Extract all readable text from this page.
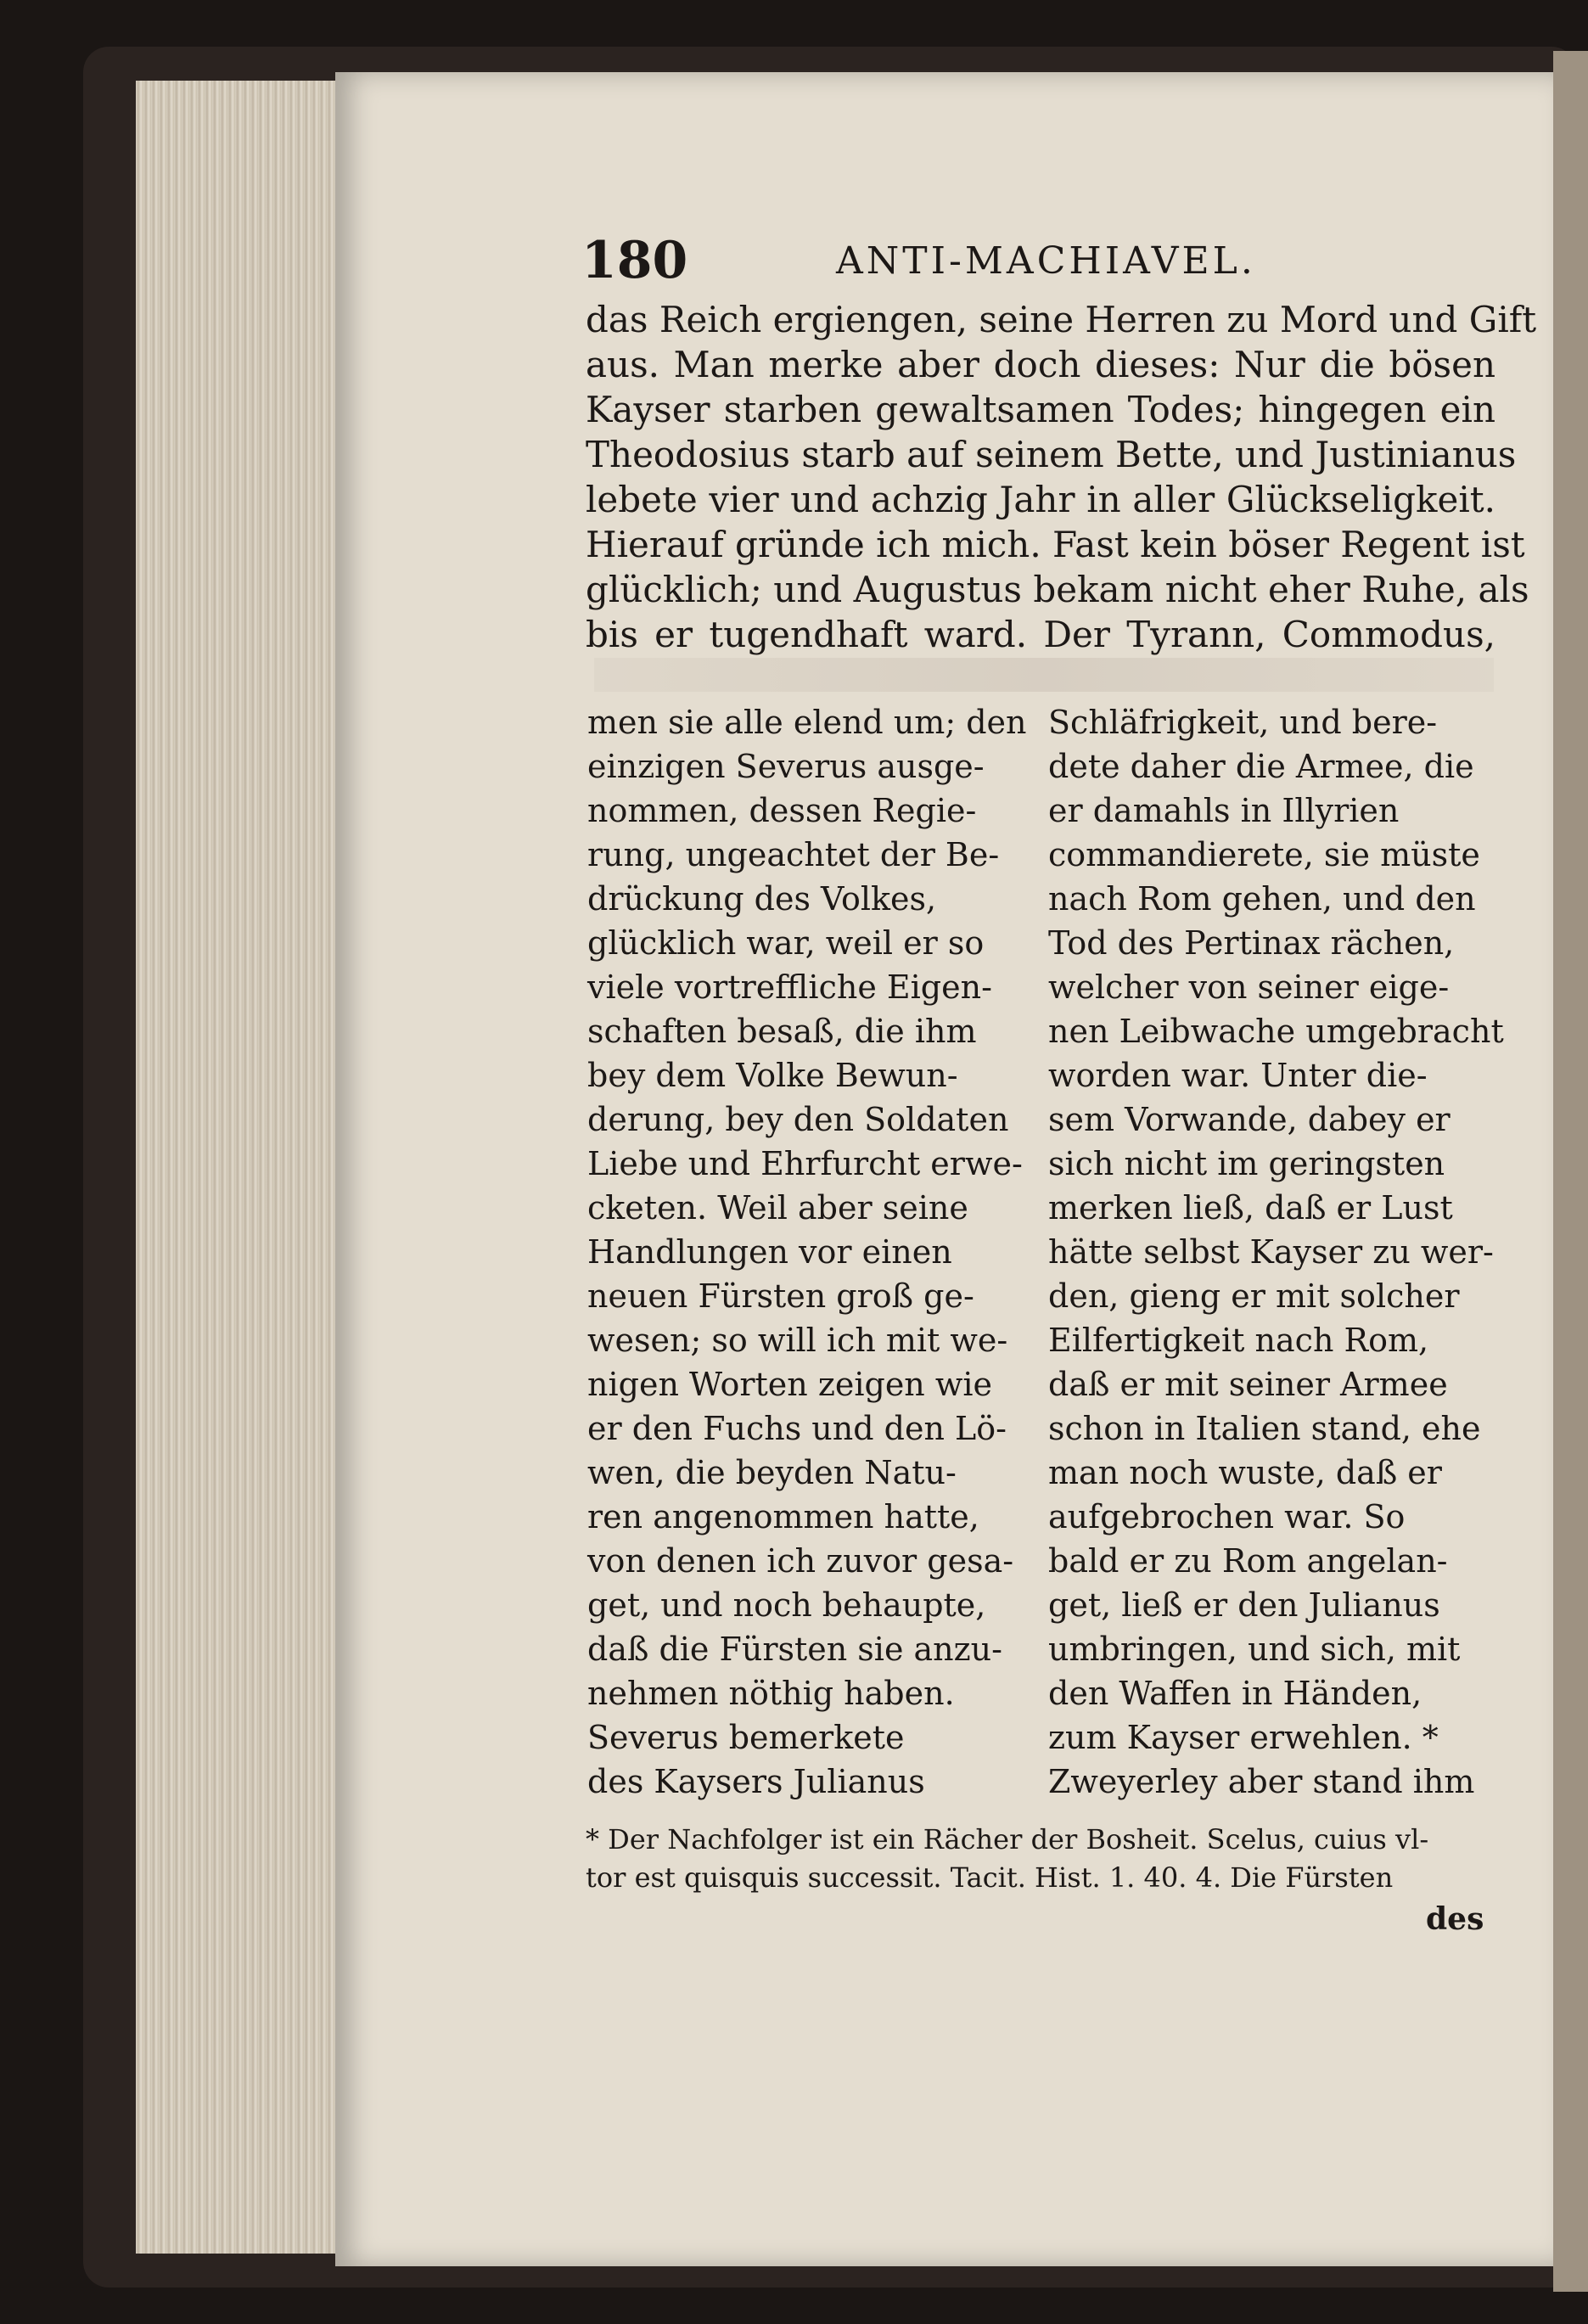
180	ANTI-MACHIAVEL.
das Reich ergiengen, seine Herren zu Mord und Gift
aus. Man merke aber doch dieses: Nur die bösen
Kayser starben gewaltsamen Todes; hingegen ein
Theodosius starb auf seinem Bette, und Justinianus
lebete vier und achzig Jahr in aller Glückseligkeit.
Hierauf gründe ich mich. Fast kein böser Regent ist
glücklich; und Augustus bekam nicht eher Ruhe, als
bis er tugendhaft ward. Der Tyrann, Commodus,
men sie alle elend um; den
einzigen Severus ausge-
nommen, dessen Regie-
rung, ungeachtet der Be-
drückung des Volkes,
glücklich war, weil er so
viele vortreffliche Eigen-
schaften besaß, die ihm
bey dem Volke Bewun-
derung, bey den Soldaten
Liebe und Ehrfurcht erwe-
cketen. Weil aber seine
Handlungen vor einen
neuen Fürsten groß ge-
wesen; so will ich mit we-
nigen Worten zeigen wie
er den Fuchs und den Lö-
wen, die beyden Natu-
ren angenommen hatte,
von denen ich zuvor gesa-
get, und noch behaupte,
daß die Fürsten sie anzu-
nehmen nöthig haben.
Severus bemerkete
des Kaysers Julianus
Schläfrigkeit, und bere-
dete daher die Armee, die
er damahls in Illyrien
commandierete, sie müste
nach Rom gehen, und den
Tod des Pertinax rächen,
welcher von seiner eige-
nen Leibwache umgebracht
worden war. Unter die-
sem Vorwande, dabey er
sich nicht im geringsten
merken ließ, daß er Lust
hätte selbst Kayser zu wer-
den, gieng er mit solcher
Eilfertigkeit nach Rom,
daß er mit seiner Armee
schon in Italien stand, ehe
man noch wuste, daß er
aufgebrochen war. So
bald er zu Rom angelan-
get, ließ er den Julianus
umbringen, und sich, mit
den Waffen in Händen,
zum Kayser erwehlen. *
Zweyerley aber stand ihm
* Der Nachfolger ist ein Rächer der Bosheit. Scelus, cuius vl-
tor est quisquis successit. Tacit. Hist. 1. 40. 4. Die Fürsten
des
